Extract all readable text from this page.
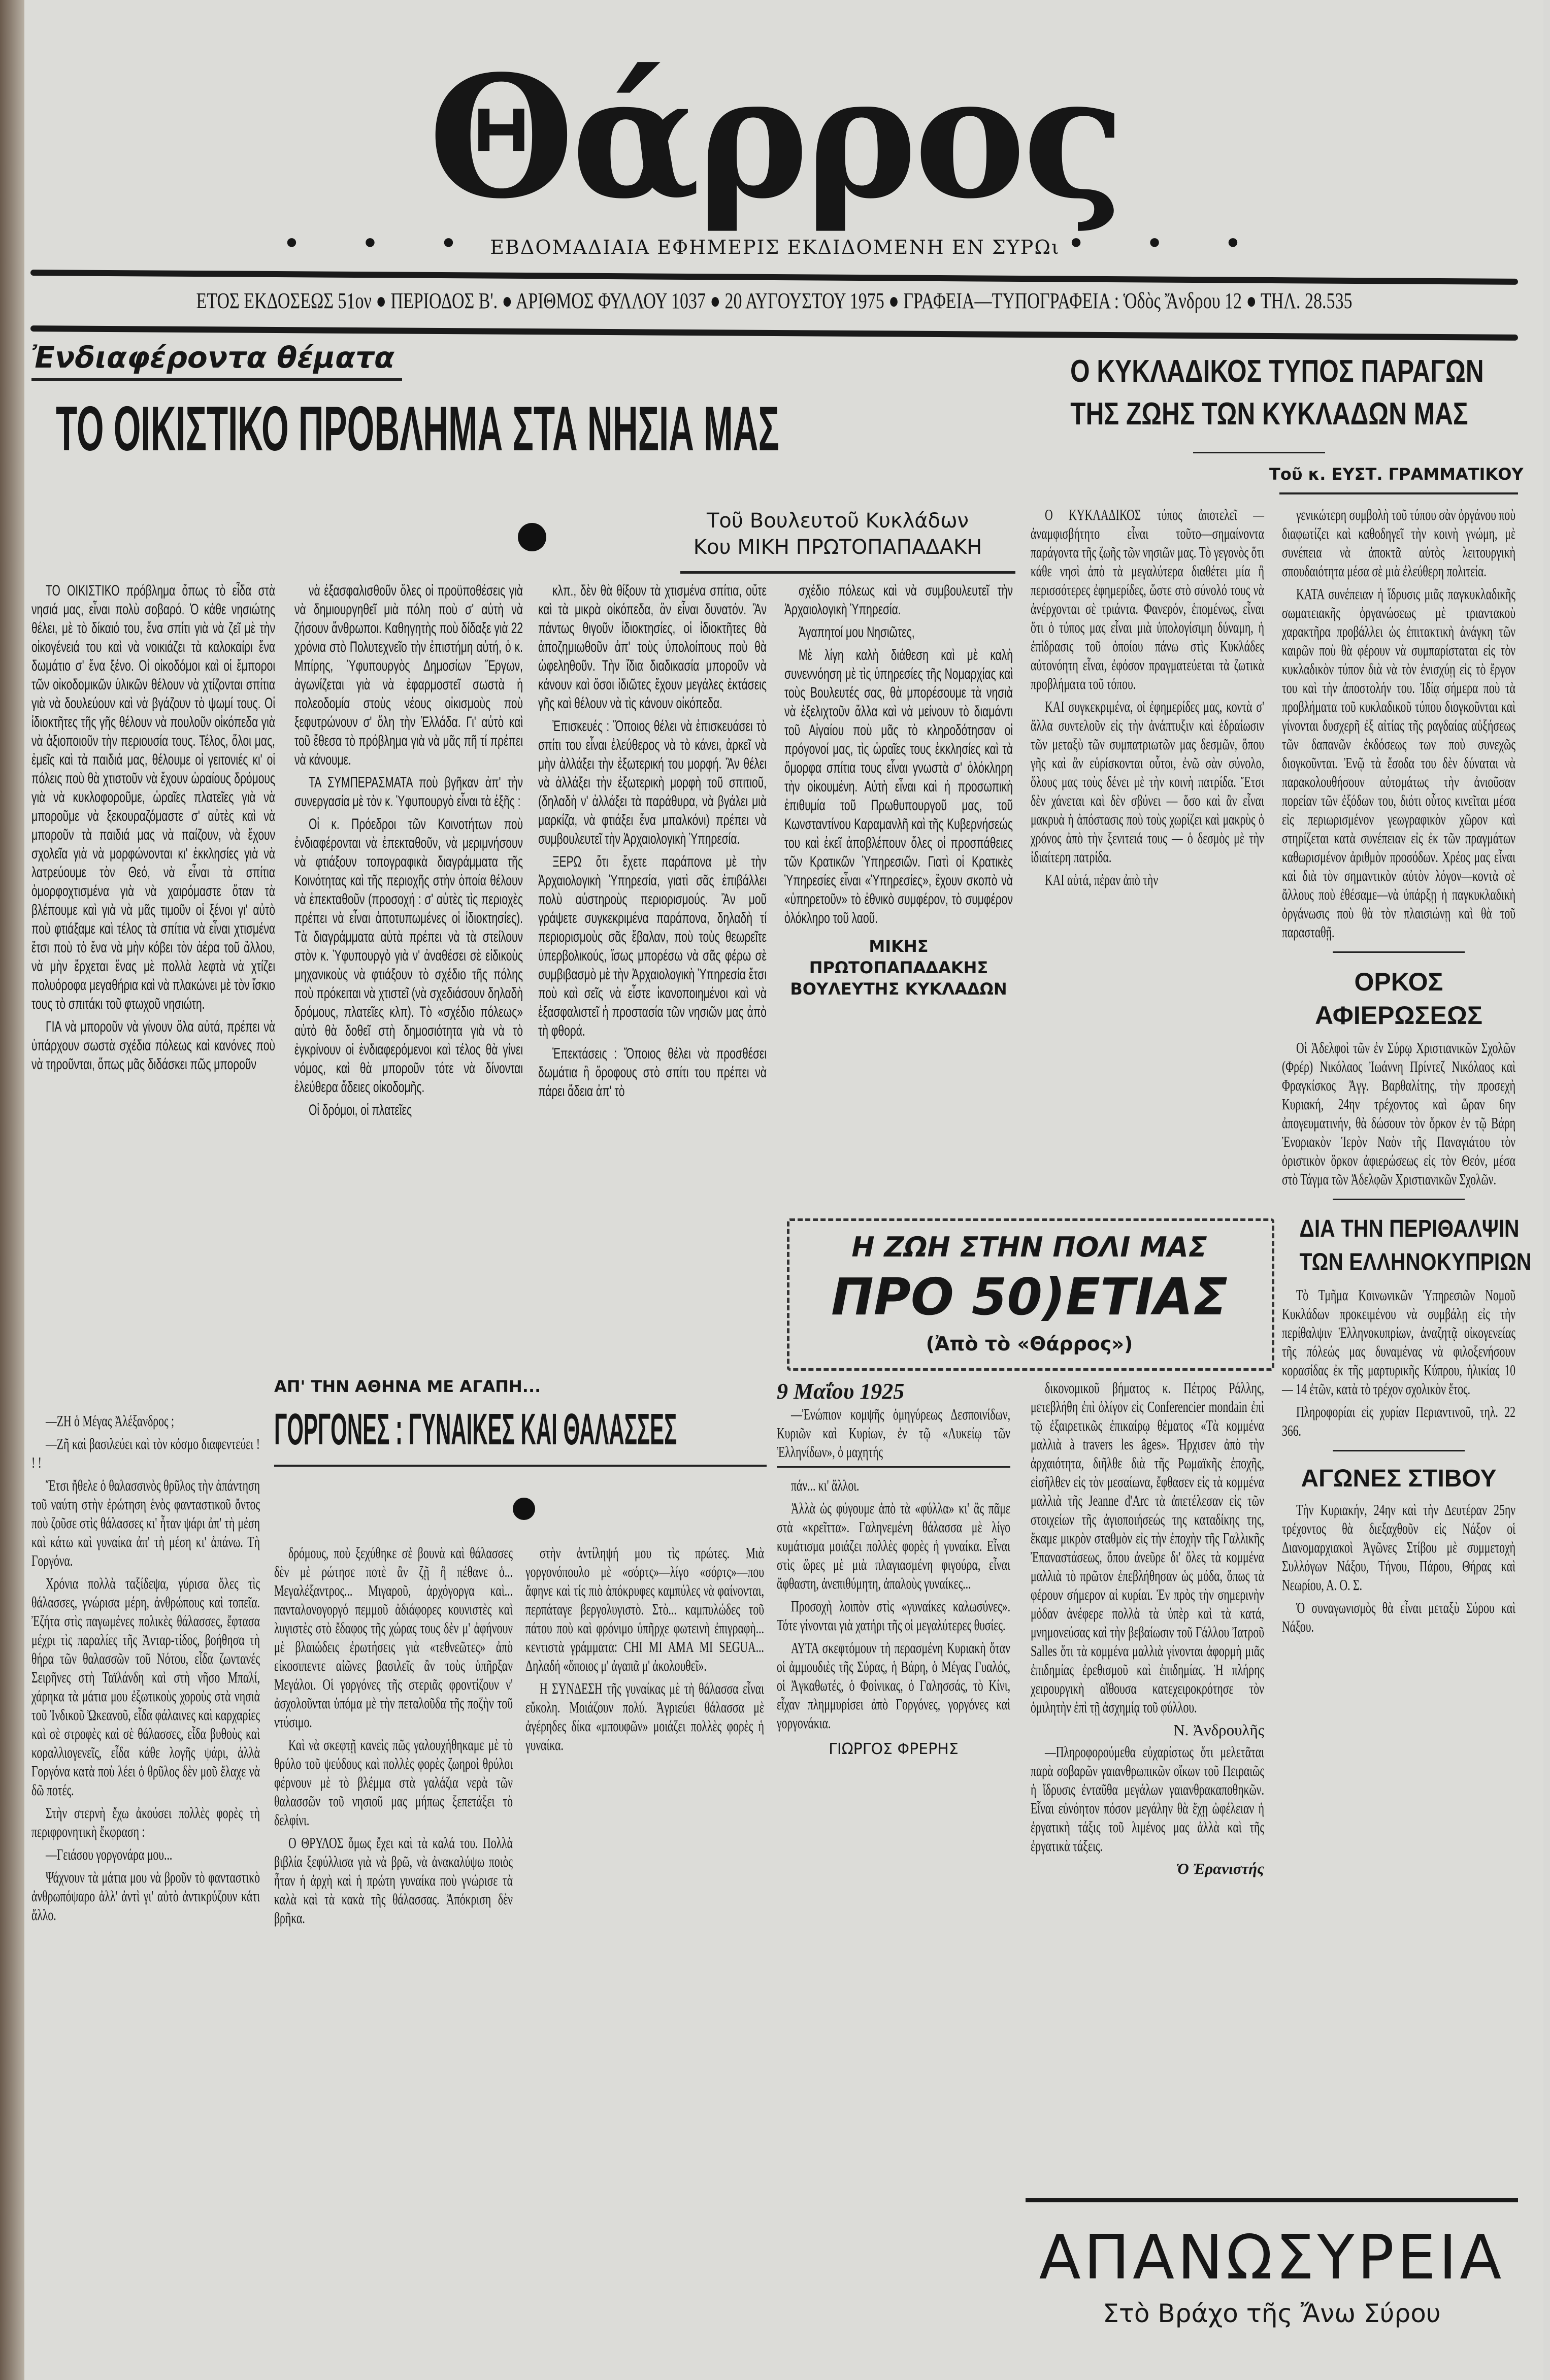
Θάρρος
• • • ΕΒΔΟΜΑΔΙΑΙΑ ΕΦΗΜΕΡΙΣ ΕΚΔΙΔΟΜΕΝΗ ΕΝ ΣΥΡΩι • • •
ΕΤΟΣ ΕΚΔΟΣΕΩΣ 51ον ● ΠΕΡΙΟΔΟΣ Β'. ● ΑΡΙΘΜΟΣ ΦΥΛΛΟΥ 1037 ● 20 ΑΥΓΟΥΣΤΟΥ 1975 ● ΓΡΑΦΕΙΑ—ΤΥΠΟΓΡΑΦΕΙΑ : Ὁδὸς Ἄνδρου 12 ● ΤΗΛ. 28.535
Ἐνδιαφέροντα θέματα
ΤΟ ΟΙΚΙΣΤΙΚΟ ΠΡΟΒΛΗΜΑ ΣΤΑ ΝΗΣΙΑ ΜΑΣ
Τοῦ Βουλευτοῦ Κυκλάδων
Κου ΜΙΚΗ ΠΡΩΤΟΠΑΠΑΔΑΚΗ

ΤΟ ΟΙΚΙΣΤΙΚΟ πρόβλημα ὅπως τὸ εἶδα στὰ νησιά μας, εἶναι πολὺ σοβαρό. Ὁ κάθε νησιώτης θέλει, μὲ τὸ δίκαιό του, ἕνα σπίτι γιὰ νὰ ζεῖ μὲ τὴν οἰκογένειά του καὶ νὰ νοικιάζει τὰ καλοκαίρι ἕνα δωμάτιο σ' ἕνα ξένο. Οἱ οἰκοδόμοι καὶ οἱ ἔμποροι τῶν οἰκοδομικῶν ὑλικῶν θέλουν νὰ χτίζονται σπίτια γιὰ νὰ δουλεύουν καὶ νὰ βγάζουν τὸ ψωμί τους. Οἱ ἰδιοκτῆτες τῆς γῆς θέλουν νὰ πουλοῦν οἰκόπεδα γιὰ νὰ ἀξιοποιοῦν τὴν περιουσία τους. Τέλος, ὅλοι μας, ἐμεῖς καὶ τὰ παιδιά μας, θέλουμε οἱ γειτονιές κι' οἱ πόλεις ποὺ θὰ χτιστοῦν νὰ ἔχουν ὡραίους δρόμους γιὰ νὰ κυκλοφοροῦμε, ὡραῖες πλατεῖες γιὰ νὰ μποροῦμε νὰ ξεκουραζόμαστε σ' αὐτὲς καὶ νὰ μποροῦν τὰ παιδιά μας νὰ παίζουν, νὰ ἔχουν σχολεῖα γιὰ νὰ μορφώνονται κι' ἐκκλησίες γιὰ νὰ λατρεύουμε τὸν Θεό, νὰ εἶναι τὰ σπίτια ὁμορφοχτισμένα γιὰ νὰ χαιρόμαστε ὅταν τὰ βλέπουμε καὶ γιὰ νὰ μᾶς τιμοῦν οἱ ξένοι γι' αὐτὸ ποὺ φτιάξαμε καὶ τέλος τὰ σπίτια νὰ εἶναι χτισμένα ἔτσι ποὺ τὸ ἕνα νὰ μὴν κόβει τὸν ἀέρα τοῦ ἄλλου, νὰ μὴν ἔρχεται ἕνας μὲ πολλὰ λεφτὰ νὰ χτίζει πολυόροφα μεγαθήρια καὶ νὰ πλακώνει μὲ τὸν ἴσκιο τους τὸ σπιτάκι τοῦ φτωχοῦ νησιώτη.

ΓΙΑ νὰ μποροῦν νὰ γίνουν ὅλα αὐτά, πρέπει νὰ ὑπάρχουν σωστὰ σχέδια πόλεως καὶ κανόνες ποὺ νὰ τηροῦνται, ὅπως μᾶς διδάσκει πῶς μποροῦν

νὰ ἐξασφαλισθοῦν ὅλες οἱ προϋποθέσεις γιὰ νὰ δημιουργηθεῖ μιὰ πόλη ποὺ σ' αὐτὴ νὰ ζήσουν ἄνθρωποι. Καθηγητὴς ποὺ δίδαξε γιὰ 22 χρόνια στὸ Πολυτεχνεῖο τὴν ἐπιστήμη αὐτή, ὁ κ. Μπίρης, Ὑφυπουργὸς Δημοσίων Ἔργων, ἀγωνίζεται γιὰ νὰ ἐφαρμοστεῖ σωστὰ ἡ πολεοδομία στοὺς νέους οἰκισμοὺς ποὺ ξεφυτρώνουν σ' ὅλη τὴν Ἑλλάδα. Γι' αὐτὸ καὶ τοῦ ἔθεσα τὸ πρόβλημα γιὰ νὰ μᾶς πῆ τί πρέπει νὰ κάνουμε.

ΤΑ ΣΥΜΠΕΡΑΣΜΑΤΑ ποὺ βγῆκαν ἀπ' τὴν συνεργασία μὲ τὸν κ. Ὑφυπουργὸ εἶναι τὰ ἑξῆς :

Οἱ κ. Πρόεδροι τῶν Κοινοτήτων ποὺ ἐνδιαφέρονται νὰ ἐπεκταθοῦν, νὰ μεριμνήσουν νὰ φτιάξουν τοπογραφικὰ διαγράμματα τῆς Κοινότητας καὶ τῆς περιοχῆς στὴν ὁποία θέλουν νὰ ἐπεκταθοῦν (προσοχή : σ' αὐτὲς τὶς περιοχὲς πρέπει νὰ εἶναι ἀποτυπωμένες οἱ ἰδιοκτησίες). Τὰ διαγράμματα αὐτὰ πρέπει νὰ τὰ στείλουν στὸν κ. Ὑφυπουργὸ γιὰ ν' ἀναθέσει σὲ εἰδικοὺς μηχανικοὺς νὰ φτιάξουν τὸ σχέδιο τῆς πόλης ποὺ πρόκειται νὰ χτιστεῖ (νὰ σχεδιάσουν δηλαδὴ δρόμους, πλατεῖες κλπ). Τὸ «σχέδιο πόλεως» αὐτὸ θὰ δοθεῖ στὴ δημοσιότητα γιὰ νὰ τὸ ἐγκρίνουν οἱ ἐνδιαφερόμενοι καὶ τέλος θὰ γίνει νόμος, καὶ θὰ μποροῦν τότε νὰ δίνονται ἐλεύθερα ἄδειες οἰκοδομῆς.

Οἱ δρόμοι, οἱ πλατεῖες

κλπ., δὲν θὰ θίξουν τὰ χτισμένα σπίτια, οὔτε καὶ τὰ μικρὰ οἰκόπεδα, ἂν εἶναι δυνατόν. Ἂν πάντως θιγοῦν ἰδιοκτησίες, οἱ ἰδιοκτῆτες θὰ ἀποζημιωθοῦν ἀπ' τοὺς ὑπολοίπους ποὺ θὰ ὠφεληθοῦν. Τὴν ἴδια διαδικασία μποροῦν νὰ κάνουν καὶ ὅσοι ἰδιῶτες ἔχουν μεγάλες ἐκτάσεις γῆς καὶ θέλουν νὰ τὶς κάνουν οἰκόπεδα.

Ἐπισκευές : Ὅποιος θέλει νὰ ἐπισκευάσει τὸ σπίτι του εἶναι ἐλεύθερος νὰ τὸ κάνει, ἀρκεῖ νὰ μὴν ἀλλάξει τὴν ἐξωτερική του μορφή. Ἂν θέλει νὰ ἀλλάξει τὴν ἐξωτερικὴ μορφὴ τοῦ σπιτιοῦ, (δηλαδὴ ν' ἀλλάξει τὰ παράθυρα, νὰ βγάλει μιὰ μαρκίζα, νὰ φτιάξει ἕνα μπαλκόνι) πρέπει νὰ συμβουλευτεῖ τὴν Ἀρχαιολογικὴ Ὑπηρεσία.

ΞΕΡΩ ὅτι ἔχετε παράπονα μὲ τὴν Ἀρχαιολογικὴ Ὑπηρεσία, γιατὶ σᾶς ἐπιβάλλει πολὺ αὐστηροὺς περιορισμούς. Ἂν μοῦ γράψετε συγκεκριμένα παράπονα, δηλαδὴ τί περιορισμοὺς σᾶς ἔβαλαν, ποὺ τοὺς θεωρεῖτε ὑπερβολικούς, ἴσως μπορέσω νὰ σᾶς φέρω σὲ συμβιβασμὸ μὲ τὴν Ἀρχαιολογικὴ Ὑπηρεσία ἔτσι ποὺ καὶ σεῖς νὰ εἶστε ἱκανοποιημένοι καὶ νὰ ἐξασφαλιστεῖ ἡ προστασία τῶν νησιῶν μας ἀπὸ τὴ φθορά.

Ἐπεκτάσεις : Ὅποιος θέλει νὰ προσθέσει δωμάτια ἢ ὄροφους στὸ σπίτι του πρέπει νὰ πάρει ἄδεια ἀπ' τὸ

σχέδιο πόλεως καὶ νὰ συμβουλευτεῖ τὴν Ἀρχαιολογικὴ Ὑπηρεσία.

Ἀγαπητοί μου Νησιῶτες,

Μὲ λίγη καλὴ διάθεση καὶ μὲ καλὴ συνεννόηση μὲ τὶς ὑπηρεσίες τῆς Νομαρχίας καὶ τοὺς Βουλευτές σας, θὰ μπορέσουμε τὰ νησιὰ νὰ ἐξελιχτοῦν ἄλλα καὶ νὰ μείνουν τὸ διαμάντι τοῦ Αἰγαίου ποὺ μᾶς τὸ κληροδότησαν οἱ πρόγονοί μας, τὶς ὡραῖες τους ἐκκλησίες καὶ τὰ ὅμορφα σπίτια τους εἶναι γνωστὰ σ' ὁλόκληρη τὴν οἰκουμένη. Αὐτὴ εἶναι καὶ ἡ προσωπικὴ ἐπιθυμία τοῦ Πρωθυπουργοῦ μας, τοῦ Κωνσταντίνου Καραμανλῆ καὶ τῆς Κυβερνήσεώς του καὶ ἐκεῖ ἀποβλέπουν ὅλες οἱ προσπάθειες τῶν Κρατικῶν Ὑπηρεσιῶν. Γιατὶ οἱ Κρατικὲς Ὑπηρεσίες εἶναι «Ὑπηρεσίες», ἔχουν σκοπὸ νὰ «ὑπηρετοῦν» τὸ ἐθνικὸ συμφέρον, τὸ συμφέρον ὁλόκληρο τοῦ λαοῦ.

ΜΙΚΗΣ ΠΡΩΤΟΠΑΠΑΔΑΚΗΣ
ΒΟΥΛΕΥΤΗΣ ΚΥΚΛΑΔΩΝ
Ο ΚΥΚΛΑΔΙΚΟΣ ΤΥΠΟΣ ΠΑΡΑΓΩΝ
ΤΗΣ ΖΩΗΣ ΤΩΝ ΚΥΚΛΑΔΩΝ ΜΑΣ
Τοῦ κ. ΕΥΣΤ. ΓΡΑΜΜΑΤΙΚΟΥ

Ο ΚΥΚΛΑΔΙΚΟΣ τύπος ἀποτελεῖ — ἀναμφισβήτητο εἶναι τοῦτο—σημαίνοντα παράγοντα τῆς ζωῆς τῶν νησιῶν μας. Τὸ γεγονὸς ὅτι κάθε νησὶ ἀπὸ τὰ μεγαλύτερα διαθέτει μία ἢ περισσότερες ἐφημερίδες, ὥστε στὸ σύνολό τους νὰ ἀνέρχονται σὲ τριάντα. Φανερόν, ἑπομένως, εἶναι ὅτι ὁ τύπος μας εἶναι μιὰ ὑπολογίσιμη δύναμη, ἡ ἐπίδρασις τοῦ ὁποίου πάνω στὶς Κυκλάδες αὐτονόητη εἶναι, ἐφόσον πραγματεύεται τὰ ζωτικὰ προβλήματα τοῦ τόπου.

ΚΑΙ συγκεκριμένα, οἱ ἐφημερίδες μας, κοντὰ σ' ἄλλα συντελοῦν εἰς τὴν ἀνάπτυξιν καὶ ἑδραίωσιν τῶν μεταξὺ τῶν συμπατριωτῶν μας δεσμῶν, ὅπου γῆς καὶ ἂν εὑρίσκονται οὗτοι, ἐνῶ σὰν σύνολο, ὅλους μας τοὺς δένει μὲ τὴν κοινὴ πατρίδα. Ἔτσι δὲν χάνεται καὶ δὲν σβύνει — ὅσο καὶ ἂν εἶναι μακρυὰ ἡ ἀπόστασις ποὺ τοὺς χωρίζει καὶ μακρὺς ὁ χρόνος ἀπὸ τὴν ξενιτειά τους — ὁ δεσμὸς μὲ τὴν ἰδιαίτερη πατρίδα.

ΚΑΙ αὐτά, πέραν ἀπὸ τὴν

γενικώτερη συμβολὴ τοῦ τύπου σὰν ὀργάνου ποὺ διαφωτίζει καὶ καθοδηγεῖ τὴν κοινὴ γνώμη, μὲ συνέπεια νὰ ἀποκτᾶ αὐτὸς λειτουργικὴ σπουδαιότητα μέσα σὲ μιὰ ἐλεύθερη πολιτεία.

ΚΑΤΑ συνέπειαν ἡ ἵδρυσις μιᾶς παγκυκλαδικῆς σωματειακῆς ὀργανώσεως μὲ τριαντακοὺ χαρακτῆρα προβάλλει ὡς ἐπιτακτικὴ ἀνάγκη τῶν καιρῶν ποὺ θὰ φέρουν νὰ συμπαρίσταται εἰς τὸν κυκλαδικὸν τύπον διὰ νὰ τὸν ἐνισχύῃ εἰς τὸ ἔργον του καὶ τὴν ἀποστολήν του. Ἰδίᾳ σήμερα ποὺ τὰ προβλήματα τοῦ κυκλαδικοῦ τύπου διογκοῦνται καὶ γίνονται δυσχερῆ ἐξ αἰτίας τῆς ραγδαίας αὐξήσεως τῶν δαπανῶν ἐκδόσεως των ποὺ συνεχῶς διογκοῦνται. Ἐνῷ τὰ ἔσοδα του δὲν δύναται νὰ παρακολουθήσουν αὐτομάτως τὴν ἀνιοῦσαν πορείαν τῶν ἐξόδων του, διότι οὗτος κινεῖται μέσα εἰς περιωρισμένον γεωγραφικὸν χῶρον καὶ στηρίζεται κατὰ συνέπειαν εἰς ἐκ τῶν πραγμάτων καθωρισμένον ἀριθμὸν προσόδων. Χρέος μας εἶναι καὶ διὰ τὸν σημαντικὸν αὐτὸν λόγον—κοντὰ σὲ ἄλλους ποὺ ἐθέσαμε—νὰ ὑπάρξῃ ἡ παγκυκλαδικὴ ὀργάνωσις ποὺ θὰ τὸν πλαισιώνῃ καὶ θὰ τοῦ παρασταθῇ.

ΟΡΚΟΣ
ΑΦΙΕΡΩΣΕΩΣ

Οἱ Ἀδελφοὶ τῶν ἐν Σύρῳ Χριστιανικῶν Σχολῶν (Φρέρ) Νικόλαος Ἰωάννη Πρίντεζ Νικόλαος καὶ Φραγκίσκος Ἀγγ. Βαρθαλίτης, τὴν προσεχὴ Κυριακή, 24ην τρέχοντος καὶ ὥραν 6ην ἀπογευματινήν, θὰ δώσουν τὸν ὅρκον ἐν τῷ Βάρη Ἐνοριακὸν Ἱερὸν Ναὸν τῆς Παναγιάτου τὸν ὁριστικὸν ὅρκον ἀφιερώσεως εἰς τὸν Θεόν, μέσα στὸ Τάγμα τῶν Ἀδελφῶν Χριστιανικῶν Σχολῶν.

ΔΙΑ ΤΗΝ ΠΕΡΙΘΑΛΨΙΝ
ΤΩΝ ΕΛΛΗΝΟΚΥΠΡΙΩΝ

Τὸ Τμῆμα Κοινωνικῶν Ὑπηρεσιῶν Νομοῦ Κυκλάδων προκειμένου νὰ συμβάλῃ εἰς τὴν περίθαλψιν Ἑλληνοκυπρίων, ἀναζητᾷ οἰκογενείας τῆς πόλεώς μας δυναμένας νὰ φιλοξενήσουν κορασίδας ἐκ τῆς μαρτυρικῆς Κύπρου, ἡλικίας 10 — 14 ἐτῶν, κατὰ τὸ τρέχον σχολικὸν ἔτος.

Πληροφορίαι εἰς χυρίαν Περιαντινοῦ, τηλ. 22 366.

ΑΓΩΝΕΣ ΣΤΙΒΟΥ

Τὴν Κυριακήν, 24ην καὶ τὴν Δευτέραν 25ην τρέχοντος θὰ διεξαχθοῦν εἰς Νάξον οἱ Διανομαρχιακοὶ Ἀγῶνες Στίβου μὲ συμμετοχὴ Συλλόγων Νάξου, Τήνου, Πάρου, Θήρας καὶ Νεωρίου, Α. Ο. Σ.

Ὁ συναγωνισμὸς θὰ εἶναι μεταξὺ Σύρου καὶ Νάξου.

Η ΖΩΗ ΣΤΗΝ ΠΟΛΙ ΜΑΣ
ΠΡΟ 50)ΕΤΙΑΣ
(Ἀπὸ τὸ «Θάρρος»)
9 Μαΐου 1925

—Ἐνώπιον κομψῆς ὁμηγύρεως Δεσποινίδων, Κυριῶν καὶ Κυρίων, ἐν τῷ «Λυκείῳ τῶν Ἑλληνίδων», ὁ μαχητής

πάν... κι' ἄλλοι.

Ἀλλὰ ὡς φύγουμε ἀπὸ τὰ «φύλλα» κι' ἂς πᾶμε στὰ «κρεῖττα». Γαληνεμένη θάλασσα μὲ λίγο κυμάτισμα μοιάζει πολλὲς φορὲς ἡ γυναίκα. Εἶναι στὶς ὥρες μὲ μιὰ πλαγιασμένη φιγούρα, εἶναι ἄφθαστη, ἀνεπιθύμητη, ἀπαλοὺς γυναίκες...

Προσοχὴ λοιπὸν στὶς «γυναίκες καλωσύνες». Τότε γίνονται γιὰ χατήρι τῆς οἱ μεγαλύτερες θυσίες.

ΑΥΤΑ σκεφτόμουν τὴ περασμένη Κυριακὴ ὅταν οἱ ἀμμουδιὲς τῆς Σύρας, ἡ Βάρη, ὁ Μέγας Γυαλός, οἱ Ἀγκαθωτές, ὁ Φοίνικας, ὁ Γαλησσάς, τὸ Κίνι, εἶχαν πλημμυρίσει ἀπὸ Γοργόνες, γοργόνες καὶ γοργονάκια.

ΓΙΩΡΓΟΣ ΦΡΕΡΗΣ

δικονομικοῦ βήματος κ. Πέτρος Ράλλης, μετεβλήθη ἐπὶ ὀλίγον εἰς Conferencier mondain ἐπὶ τῷ ἐξαιρετικῶς ἐπικαίρῳ θέματος «Τὰ κομμένα μαλλιὰ à travers les âges». Ἠρχισεν ἀπὸ τὴν ἀρχαιότητα, διῆλθε διὰ τῆς Ρωμαϊκῆς ἐποχῆς, εἰσῆλθεν εἰς τὸν μεσαίωνα, ἔφθασεν εἰς τὰ κομμένα μαλλιὰ τῆς Jeanne d'Arc τὰ ἀπετέλεσαν εἰς τῶν στοιχείων τῆς ἀγιοποιήσεώς της καταδίκης της, ἔκαμε μικρὸν σταθμὸν εἰς τὴν ἐποχὴν τῆς Γαλλικῆς Ἐπαναστάσεως, ὅπου ἀνεῦρε δι' ὅλες τὰ κομμένα μαλλιὰ τὸ πρῶτον ἐπεβλήθησαν ὡς μόδα, ὅπως τὰ φέρουν σήμερον αἱ κυρίαι. Ἐν πρὸς τὴν σημερινὴν μόδαν ἀνέφερε πολλὰ τὰ ὑπὲρ καὶ τὰ κατά, μνημονεύσας καὶ τὴν βεβαίωσιν τοῦ Γάλλου Ἰατροῦ Salles ὅτι τὰ κομμένα μαλλιὰ γίνονται ἀφορμὴ μιᾶς ἐπιδημίας ἐρεθισμοῦ καὶ ἐπιδημίας. Ἡ πλήρης χειρουργικὴ αἴθουσα κατεχειροκρότησε τὸν ὁμιλητὴν ἐπὶ τῇ ἀσχημίᾳ τοῦ φύλλου.

Ν. Ἀνδρουλῆς

—Πληροφορούμεθα εὐχαρίστως ὅτι μελετᾶται παρὰ σοβαρῶν γαιανθρωπικῶν οἴκων τοῦ Πειραιῶς ἡ ἵδρυσις ἐνταῦθα μεγάλων γαιανθρακαποθηκῶν. Εἶναι εὐνόητον πόσον μεγάλην θὰ ἔχῃ ὠφέλειαν ἡ ἐργατικὴ τάξις τοῦ λιμένος μας ἀλλὰ καὶ τῆς ἐργατικὰ τάξεις.

Ὁ Ἐρανιστής
ΑΠΑΝΩΣΥΡΕΙΑ
Στὸ Βράχο τῆς Ἄνω Σύρου
ΑΠ' ΤΗΝ ΑΘΗΝΑ ΜΕ ΑΓΑΠΗ...
ΓΟΡΓΟΝΕΣ : ΓΥΝΑΙΚΕΣ ΚΑΙ ΘΑΛΑΣΣΕΣ

—ΖΗ ὁ Μέγας Ἀλέξανδρος ;

—Ζῆ καὶ βασιλεύει καὶ τὸν κόσμο διαφεντεύει ! ! !

Ἔτσι ἤθελε ὁ θαλασσινὸς θρῦλος τὴν ἀπάντηση τοῦ ναύτη στὴν ἐρώτηση ἑνὸς φανταστικοῦ ὄντος ποὺ ζοῦσε στὶς θάλασσες κι' ἦταν ψάρι ἀπ' τὴ μέση καὶ κάτω καὶ γυναίκα ἀπ' τὴ μέση κι' ἀπάνω. Τὴ Γοργόνα.

Χρόνια πολλὰ ταξίδεψα, γύρισα ὅλες τὶς θάλασσες, γνώρισα μέρη, ἀνθρώπους καὶ τοπεῖα. Ἐζήτα στὶς παγωμένες πολικὲς θάλασσες, ἔφτασα μέχρι τὶς παραλίες τῆς Ἀνταρ-τίδος, βοήθησα τὴ θήρα τῶν θαλασσῶν τοῦ Νότου, εἶδα ζωντανές Σειρῆνες στὴ Ταϊλάνδη καὶ στὴ νῆσο Μπαλί, χάρηκα τὰ μάτια μου ἐξωτικοὺς χοροὺς στὰ νησιὰ τοῦ Ἰνδικοῦ Ὠκεανοῦ, εἶδα φάλαινες καὶ καρχαρίες καὶ σὲ στροφὲς καὶ σὲ θάλασσες, εἶδα βυθοὺς καὶ κοραλλιογενεῖς, εἶδα κάθε λογῆς ψάρι, ἀλλὰ Γοργόνα κατὰ ποὺ λέει ὁ θρῦλος δὲν μοῦ ἔλαχε νὰ δῶ ποτές.

Στὴν στερνὴ ἔχω ἀκούσει πολλὲς φορὲς τὴ περιφρονητικὴ ἔκφραση :

—Γειάσου γοργονάρα μου...

Ψάχνουν τὰ μάτια μου νὰ βροῦν τὸ φανταστικὸ ἀνθρωπόψαρο ἀλλ' ἀντὶ γι' αὐτὸ ἀντικρύζουν κάτι ἄλλο.

δρόμους, ποὺ ξεχύθηκε σὲ βουνὰ καὶ θάλασσες δὲν μὲ ρώτησε ποτὲ ἂν ζῇ ἢ πέθανε ὁ... Μεγαλέξαντρος... Μιγαροῦ, ἀρχόγοργα καὶ... πανταλονογοργό πεμμοῦ ἀδιάφορες κουνιστὲς καὶ λυγιστὲς στὸ ἔδαφος τῆς χώρας τους δὲν μ' ἀφήνουν μὲ βλαιώδεις ἐρωτήσεις γιὰ «τεθνεῶτες» ἀπὸ εἰκοσιπεντε αἰῶνες βασιλεῖς ἂν τοὺς ὑπῆρξαν Μεγάλοι. Οἱ γοργόνες τῆς στεριᾶς φροντίζουν ν' ἀσχολοῦνται ὑπόμα μὲ τὴν πεταλοῦδα τῆς ποζὴν τοῦ ντύσιμο.

Καὶ νὰ σκεφτῇ κανεὶς πῶς γαλουχήθηκαμε μὲ τὸ θρύλο τοῦ ψεύδους καὶ πολλὲς φορὲς ζωηροὶ θρύλοι φέρνουν μὲ τὸ βλέμμα στὰ γαλάζια νερὰ τῶν θαλασσῶν τοῦ νησιοῦ μας μήπως ξεπετάξει τὸ δελφίνι.

Ο ΘΡΥΛΟΣ ὅμως ἔχει καὶ τὰ καλά του. Πολλὰ βιβλία ξεφύλλισα γιὰ νὰ βρῶ, νὰ ἀνακαλύψω ποιὸς ἦταν ἡ ἀρχὴ καὶ ἡ πρώτη γυναίκα ποὺ γνώρισε τὰ καλὰ καὶ τὰ κακὰ τῆς θάλασσας. Ἀπόκριση δὲν βρῆκα.

στὴν ἀντίληψή μου τὶς πρώτες. Μιὰ γοργονόπουλο μὲ «σόρτς»—λίγο «σόρτς»—που ἄφηνε καὶ τίς πιὸ ἀπόκρυφες καμπύλες νὰ φαίνονται, περπάταγε βεργολυγιστὸ. Στὸ... καμπυλώδες τοῦ πάτου ποὺ καὶ φρόνιμο ὑπῆρχε φωτεινὴ ἐπιγραφὴ... κεντιστὰ γράμματα: CHI MI AMA MI SEGUA... Δηλαδή «ὅποιος μ' ἀγαπᾶ μ' ἀκολουθεῖ».

Η ΣΥΝΔΕΣΗ τῆς γυναίκας μὲ τὴ θάλασσα εἶναι εὔκολη. Μοιάζουν πολύ. Ἀγριεύει θάλασσα μὲ ἀγέρηδες δίκα «μπουφῶν» μοιάζει πολλὲς φορὲς ἡ γυναίκα.
